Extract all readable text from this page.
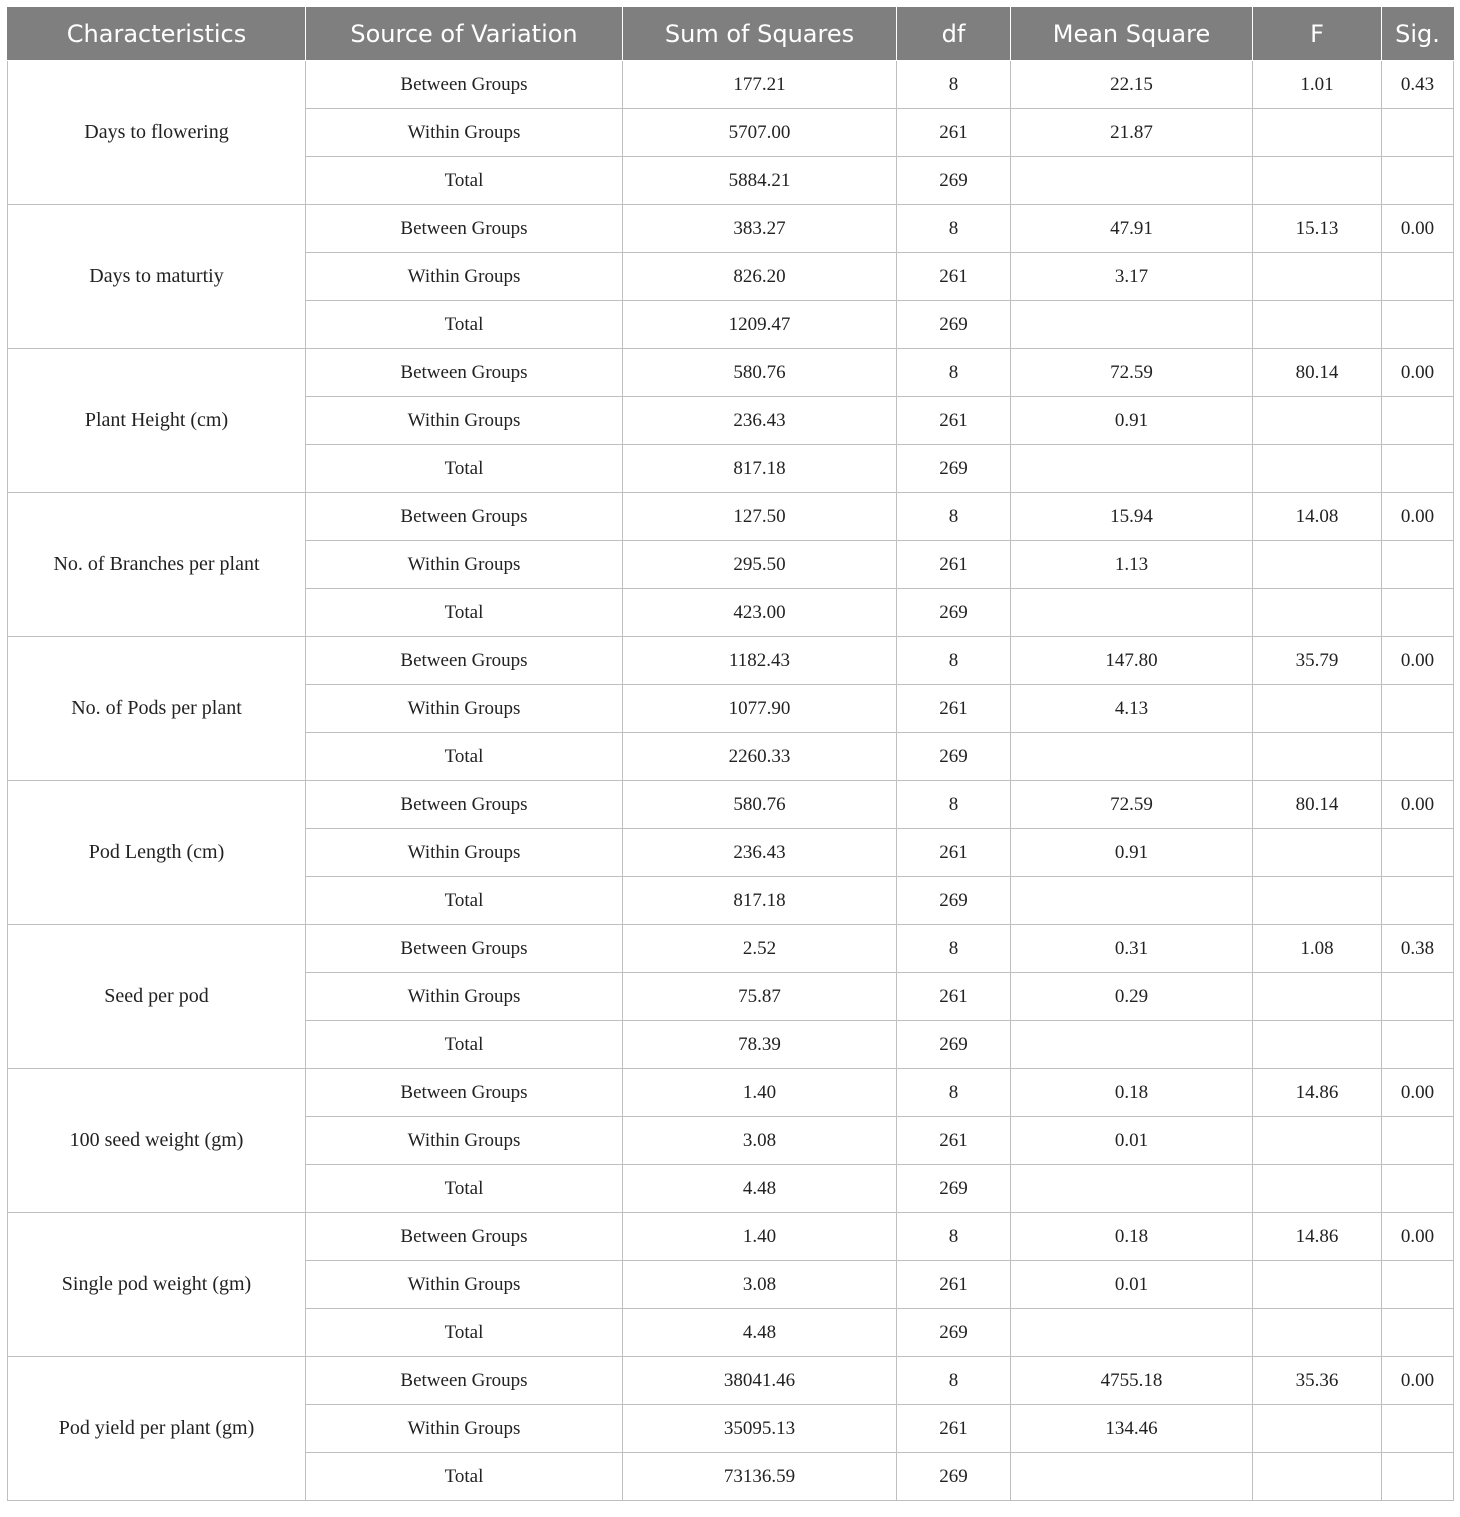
Characteristics	Source of Variation	Sum of Squares	df	Mean Square	F	Sig.
Days to flowering	Between Groups	177.21	8	22.15	1.01	0.43
	Within Groups	5707.00	261	21.87		
	Total	5884.21	269			
Days to maturtiy	Between Groups	383.27	8	47.91	15.13	0.00
	Within Groups	826.20	261	3.17		
	Total	1209.47	269			
Plant Height (cm)	Between Groups	580.76	8	72.59	80.14	0.00
	Within Groups	236.43	261	0.91		
	Total	817.18	269			
No. of Branches per plant	Between Groups	127.50	8	15.94	14.08	0.00
	Within Groups	295.50	261	1.13		
	Total	423.00	269			
No. of Pods per plant	Between Groups	1182.43	8	147.80	35.79	0.00
	Within Groups	1077.90	261	4.13		
	Total	2260.33	269			
Pod Length (cm)	Between Groups	580.76	8	72.59	80.14	0.00
	Within Groups	236.43	261	0.91		
	Total	817.18	269			
Seed per pod	Between Groups	2.52	8	0.31	1.08	0.38
	Within Groups	75.87	261	0.29		
	Total	78.39	269			
100 seed weight (gm)	Between Groups	1.40	8	0.18	14.86	0.00
	Within Groups	3.08	261	0.01		
	Total	4.48	269			
Single pod weight (gm)	Between Groups	1.40	8	0.18	14.86	0.00
	Within Groups	3.08	261	0.01		
	Total	4.48	269			
Pod yield per plant (gm)	Between Groups	38041.46	8	4755.18	35.36	0.00
	Within Groups	35095.13	261	134.46		
	Total	73136.59	269			
